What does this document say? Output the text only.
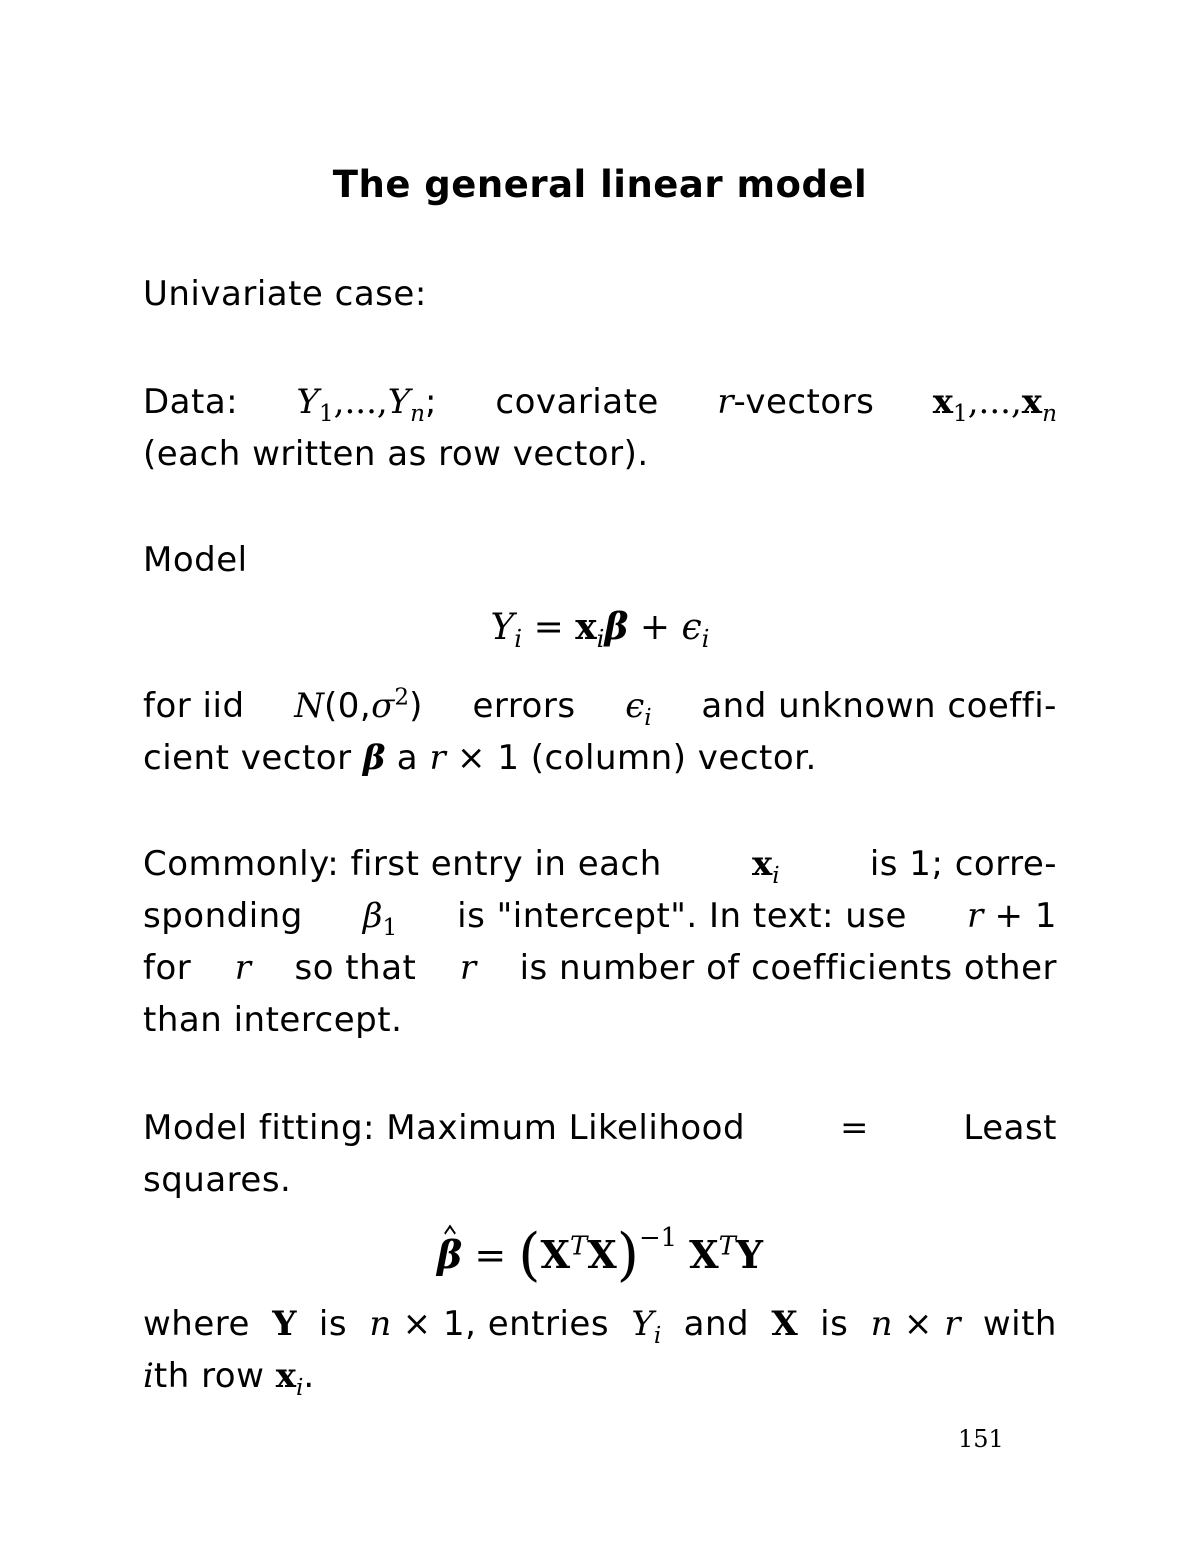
The general linear model
Univariate case:
Data: $Y_1,...,Y_n$; covariate r-vectors $x_1,...,x_n$
(each written as row vector).
Model
$Y_i = x_i\beta + \epsilon_i$
for iid $N(0,\sigma^2)$ errors $\epsilon_i$ and unknown coeffi-
cient vector β a r × 1 (column) vector.
Commonly: first entry in each	$x_i$	is 1; corre-
sponding $\beta_1$ is "intercept". In text: use r + 1
for r so that r is number of coefficients other
than intercept.
Model fitting: Maximum Likelihood	=	Least
squares.
$\beta = (X^TX)^{-1}$ $X^TY$
where Y is n × 1, entries $Y_i$ and X is n × r with
ith row $x_i$.
151
